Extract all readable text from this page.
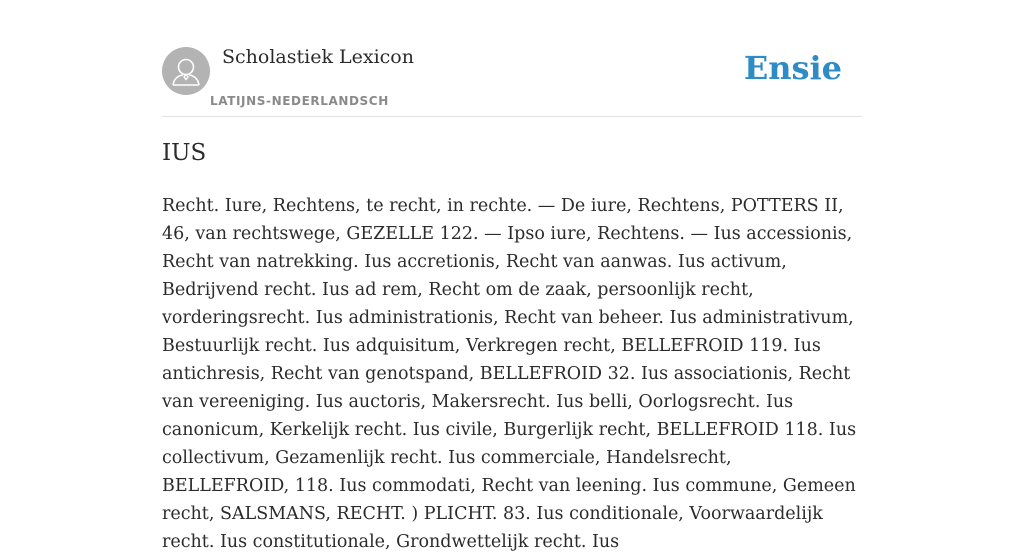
Scholastiek Lexicon
LATIJNS-NEDERLANDSCH
Ensie
IUS

Recht. Iure, Rechtens, te recht, in rechte. — De iure, Rechtens, POTTERS II, 46, van rechtswege, GEZELLE 122. — Ipso iure, Rechtens. — Ius accessionis, Recht van natrekking. Ius accretionis, Recht van aanwas. Ius activum, Bedrijvend recht. Ius ad rem, Recht om de zaak, persoonlijk recht, vorderingsrecht. Ius administrationis, Recht van beheer. Ius administrativum, Bestuurlijk recht. Ius adquisitum, Verkregen recht, BELLEFROID 119. Ius antichresis, Recht van genotspand, BELLEFROID 32. Ius associationis, Recht van vereeniging. Ius auctoris, Makersrecht. Ius belli, Oorlogsrecht. Ius canonicum, Kerkelijk recht. Ius civile, Burgerlijk recht, BELLEFROID 118. Ius collectivum, Gezamenlijk recht. Ius commerciale, Handelsrecht, BELLEFROID, 118. Ius commodati, Recht van leening. Ius commune, Gemeen recht, SALSMANS, RECHT. ) PLICHT. 83. Ius conditionale, Voorwaardelijk recht. Ius constitutionale, Grondwettelijk recht. Ius
